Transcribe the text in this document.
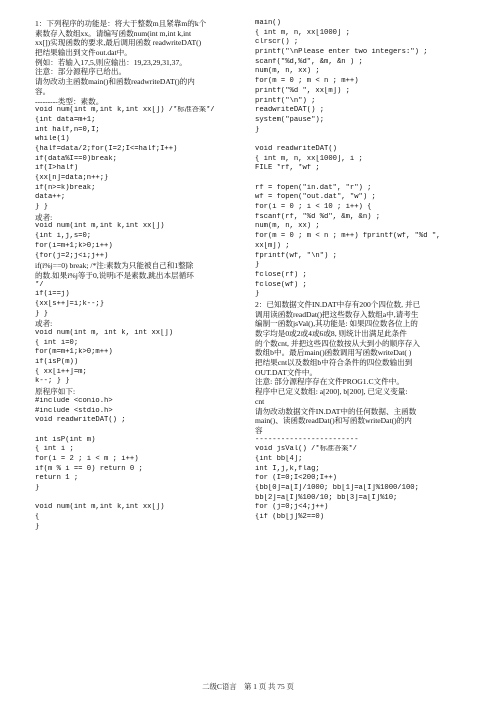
1：下列程序的功能是：将大于整数m且紧靠m的k个
素数存入数组xx。请编写函数num(int m,int k,int
xx[])实现函数的要求,最后调用函数 readwriteDAT()
把结果输出到文件out.dat中。
例如：若输入17,5,则应输出：19,23,29,31,37。
注意：部分源程序已给出。
请勿改动主函数main()和函数readwriteDAT()的内
容。
---------类型：素数。
void num(int m,int k,int xx[]) /*标准答案*/
{int data=m+1;
int half,n=0,I;
while(1)
{half=data/2;for(I=2;I<=half;I++)
if(data%I==0)break;
if(I>half)
{xx[n]=data;n++;}
if(n>=k)break;
data++;
} }
或者:
void num(int m,int k,int xx[])
{int i,j,s=0;
for(i=m+1;k>0;i++)
{for(j=2;j<i;j++)
if(i%j==0) break; /*注:素数为只能被自己和1整除
的数.如果i%j等于0,说明i不是素数,跳出本层循环
*/
if(i==j)
{xx[s++]=i;k--;}
} }
或者:
void num(int m, int k, int xx[])
{ int i=0;
for(m=m+1;k>0;m++)
if(isP(m))
{ xx[i++]=m;
k--; } }
原程序如下:
#include <conio.h>
#include <stdio.h>
void readwriteDAT() ;
int isP(int m)
{ int i ;
for(i = 2 ; i < m ; i++)
if(m % i == 0) return 0 ;
return 1 ;
}
void num(int m,int k,int xx[])
{
}
main()
{ int m, n, xx[1000] ;
clrscr() ;
printf("\nPlease enter two integers:") ;
scanf("%d,%d", &m, &n ) ;
num(m, n, xx) ;
for(m = 0 ; m < n ; m++)
printf("%d ", xx[m]) ;
printf("\n") ;
readwriteDAT() ;
system("pause");
}
void readwriteDAT()
{ int m, n, xx[1000], i ;
FILE *rf, *wf ;
rf = fopen("in.dat", "r") ;
wf = fopen("out.dat", "w") ;
for(i = 0 ; i < 10 ; i++) {
fscanf(rf, "%d %d", &m, &n) ;
num(m, n, xx) ;
for(m = 0 ; m < n ; m++) fprintf(wf, "%d ",
xx[m]) ;
fprintf(wf, "\n") ;
}
fclose(rf) ;
fclose(wf) ;
}
2：已知数据文件IN.DAT中存有200个四位数, 并已
调用读函数readDat()把这些数存入数组a中,请考生
编制一函数jsVal(),其功能是: 如果四位数各位上的
数字均是0或2或4或6或8, 则统计出满足此条件
的个数cnt, 并把这些四位数按从大到小的顺序存入
数组b中。最后main()函数调用写函数writeDat( )
把结果cnt以及数组b中符合条件的四位数输出到
OUT.DAT文件中。
注意: 部分源程序存在文件PROG1.C文件中。
程序中已定义数组: a[200], b[200], 已定义变量:
cnt
请勿改动数据文件IN.DAT中的任何数据、主函数
main()、读函数readDat()和写函数writeDat()的内
容
------------------------
void jsVal() /*标准答案*/
{int bb[4];
int I,j,k,flag;
for (I=0;I<200;I++)
{bb[0]=a[I]/1000; bb[1]=a[I]%1000/100;
bb[2]=a[I]%100/10; bb[3]=a[I]%10;
for (j=0;j<4;j++)
{if (bb[j]%2==0)
二级C语言    第 1 页 共 75 页
